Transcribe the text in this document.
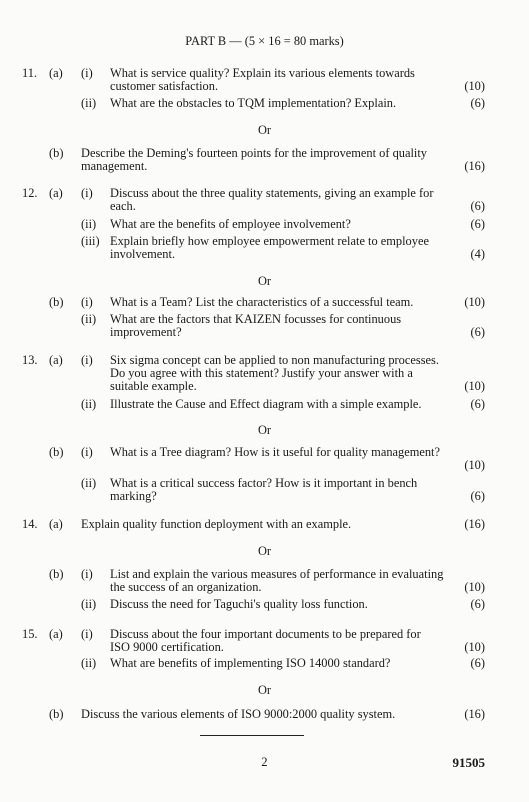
PART B — (5 × 16 = 80 marks)
11. (a) (i) What is service quality? Explain its various elements towards
customer satisfaction.	(10)
(ii) What are the obstacles to TQM implementation? Explain.	(6)
Or
(b) Describe the Deming's fourteen points for the improvement of quality
management.	(16)
12. (a) (i) Discuss about the three quality statements, giving an example for
each.	(6)
(ii) What are the benefits of employee involvement?	(6)
(iii) Explain briefly how employee empowerment relate to employee
involvement.	(4)
Or
(b) (i) What is a Team? List the characteristics of a successful team.	(10)
(ii) What are the factors that KAIZEN focusses for continuous
improvement?	(6)
13. (a) (i) Six sigma concept can be applied to non manufacturing processes.
Do you agree with this statement? Justify your answer with a
suitable example.	(10)
(ii) Illustrate the Cause and Effect diagram with a simple example.	(6)
Or
(b) (i) What is a Tree diagram? How is it useful for quality management?
(10)
(ii) What is a critical success factor? How is it important in bench
marking?	(6)
14. (a) Explain quality function deployment with an example.	(16)
Or
(b) (i) List and explain the various measures of performance in evaluating
the success of an organization.	(10)
(ii) Discuss the need for Taguchi's quality loss function.	(6)
15. (a) (i) Discuss about the four important documents to be prepared for
ISO 9000 certification.	(10)
(ii) What are benefits of implementing ISO 14000 standard?	(6)
Or
(b) Discuss the various elements of ISO 9000:2000 quality system.	(16)
2	91505
